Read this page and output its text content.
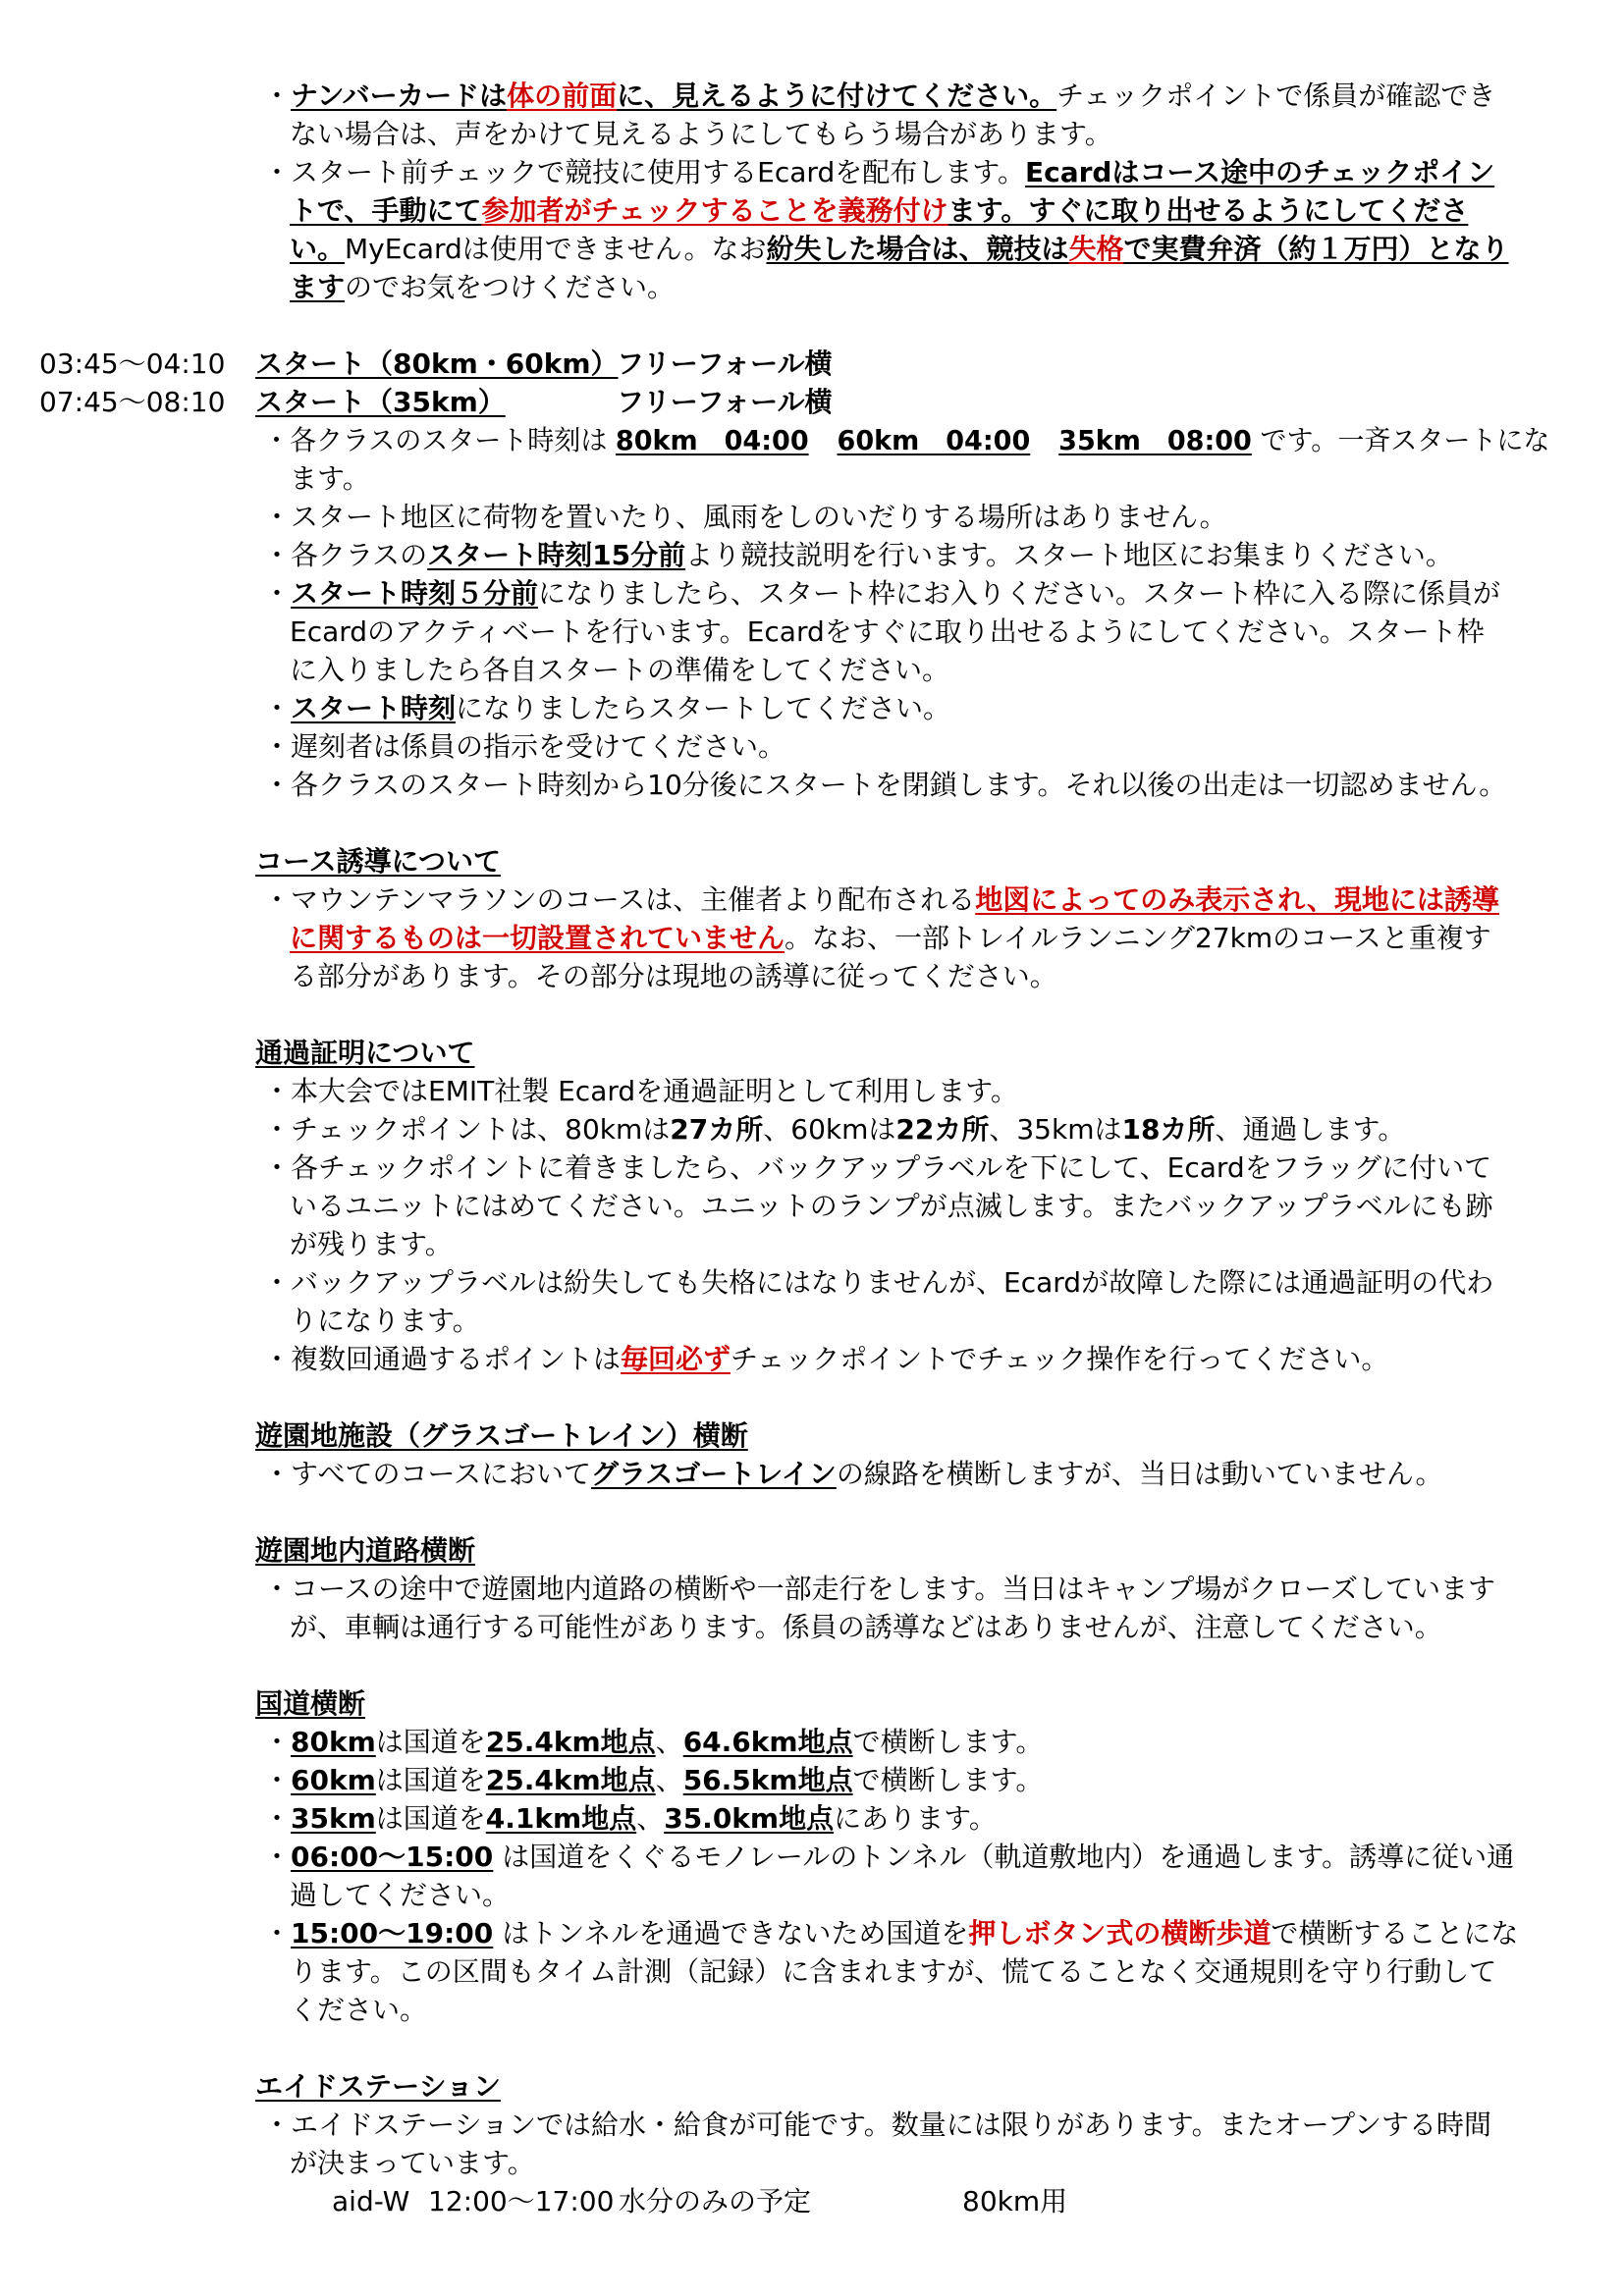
・ナンバーカードは体の前面に、見えるように付けてください。チェックポイントで係員が確認でき
ない場合は、声をかけて見えるようにしてもらう場合があります。
・スタート前チェックで競技に使用するEcardを配布します。Ecardはコース途中のチェックポイン
トで、手動にて参加者がチェックすることを義務付けます。すぐに取り出せるようにしてくださ
い。MyEcardは使用できません。なお紛失した場合は、競技は失格で実費弁済（約１万円）となり
ますのでお気をつけください。
03:45～04:10 スタート（80km・60km）
フリーフォール横
07:45～08:10 スタート（35km）	フリーフォール横
・各クラスのスタート時刻は 80km　04:00 60km　04:00 35km　08:00 です。一斉スタートにな
ます。
・スタート地区に荷物を置いたり、風雨をしのいだりする場所はありません。
・各クラスのスタート時刻15分前より競技説明を行います。スタート地区にお集まりください。
・スタート時刻５分前になりましたら、スタート枠にお入りください。スタート枠に入る際に係員が
Ecardのアクティベートを行います。Ecardをすぐに取り出せるようにしてください。スタート枠
に入りましたら各自スタートの準備をしてください。
・スタート時刻になりましたらスタートしてください。
・遅刻者は係員の指示を受けてください。
・各クラスのスタート時刻から10分後にスタートを閉鎖します。それ以後の出走は一切認めません。
コース誘導について
・マウンテンマラソンのコースは、主催者より配布される地図によってのみ表示され、現地には誘導
に関するものは一切設置されていません。なお、一部トレイルランニング27kmのコースと重複す
る部分があります。その部分は現地の誘導に従ってください。
通過証明について
・本大会ではEMIT社製 Ecardを通過証明として利用します。
・チェックポイントは、80kmは27カ所、60kmは22カ所、35kmは18カ所、通過します。
・各チェックポイントに着きましたら、バックアップラベルを下にして、Ecardをフラッグに付いて
いるユニットにはめてください。ユニットのランプが点滅します。またバックアップラベルにも跡
が残ります。
・バックアップラベルは紛失しても失格にはなりませんが、Ecardが故障した際には通過証明の代わ
りになります。
・複数回通過するポイントは毎回必ずチェックポイントでチェック操作を行ってください。
遊園地施設（グラスゴートレイン）横断
・すべてのコースにおいてグラスゴートレインの線路を横断しますが、当日は動いていません。
遊園地内道路横断
・コースの途中で遊園地内道路の横断や一部走行をします。当日はキャンプ場がクローズしています
が、車輌は通行する可能性があります。係員の誘導などはありませんが、注意してください。
国道横断
・80kmは国道を25.4km地点、64.6km地点で横断します。
・60kmは国道を25.4km地点、56.5km地点で横断します。
・35kmは国道を4.1km地点、35.0km地点にあります。
・06:00～15:00 は国道をくぐるモノレールのトンネル（軌道敷地内）を通過します。誘導に従い通
過してください。
・15:00～19:00 はトンネルを通過できないため国道を押しボタン式の横断歩道で横断することにな
ります。この区間もタイム計測（記録）に含まれますが、慌てることなく交通規則を守り行動して
ください。
エイドステーション
・エイドステーションでは給水・給食が可能です。数量には限りがあります。またオープンする時間
が決まっています。
aid-W 12:00～17:00 水分のみの予定	80km用
